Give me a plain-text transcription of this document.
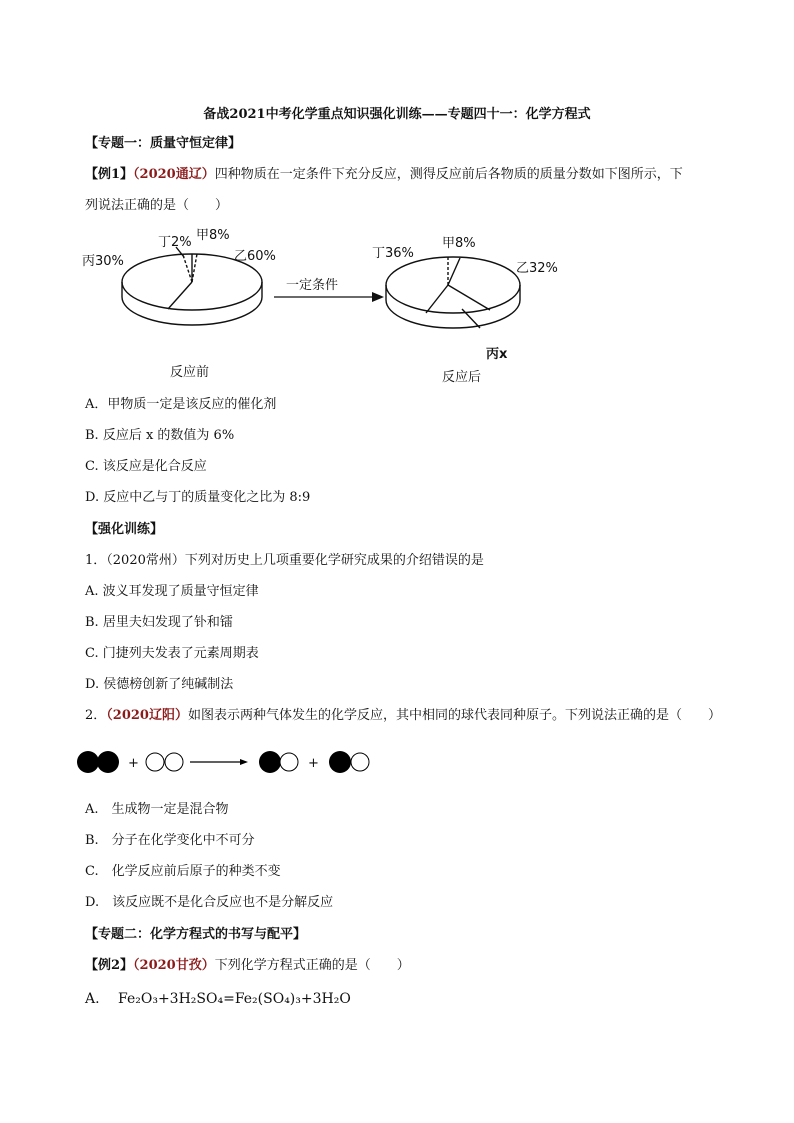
备战2021中考化学重点知识强化训练——专题四十一：化学方程式
【专题一：质量守恒定律】
【例1】（2020通辽）四种物质在一定条件下充分反应，测得反应前后各物质的质量分数如下图所示，下
列说法正确的是（　　）
一定条件
丙30%
丁2% 甲8%
乙60%	丁36%
甲8%
乙32%
丙x
反应前	反应后
A．甲物质一定是该反应的催化剂
B. 反应后 x 的数值为 6%
C. 该反应是化合反应
D. 反应中乙与丁的质量变化之比为 8:9
【强化训练】
1．（2020常州）下列对历史上几项重要化学研究成果的介绍错误的是
A. 波义耳发现了质量守恒定律
B. 居里夫妇发现了钋和镭
C. 门捷列夫发表了元素周期表
D. 侯德榜创新了纯碱制法
2．（2020辽阳）如图表示两种气体发生的化学反应，其中相同的球代表同种原子。下列说法正确的是（　　）
+	+
A.　生成物一定是混合物
B.　分子在化学变化中不可分
C.　化学反应前后原子的种类不变
D.　该反应既不是化合反应也不是分解反应
【专题二：化学方程式的书写与配平】
【例2】（2020甘孜）下列化学方程式正确的是（　　）
A. Fe₂O₃+3H₂SO₄=Fe₂(SO₄)₃+3H₂O
